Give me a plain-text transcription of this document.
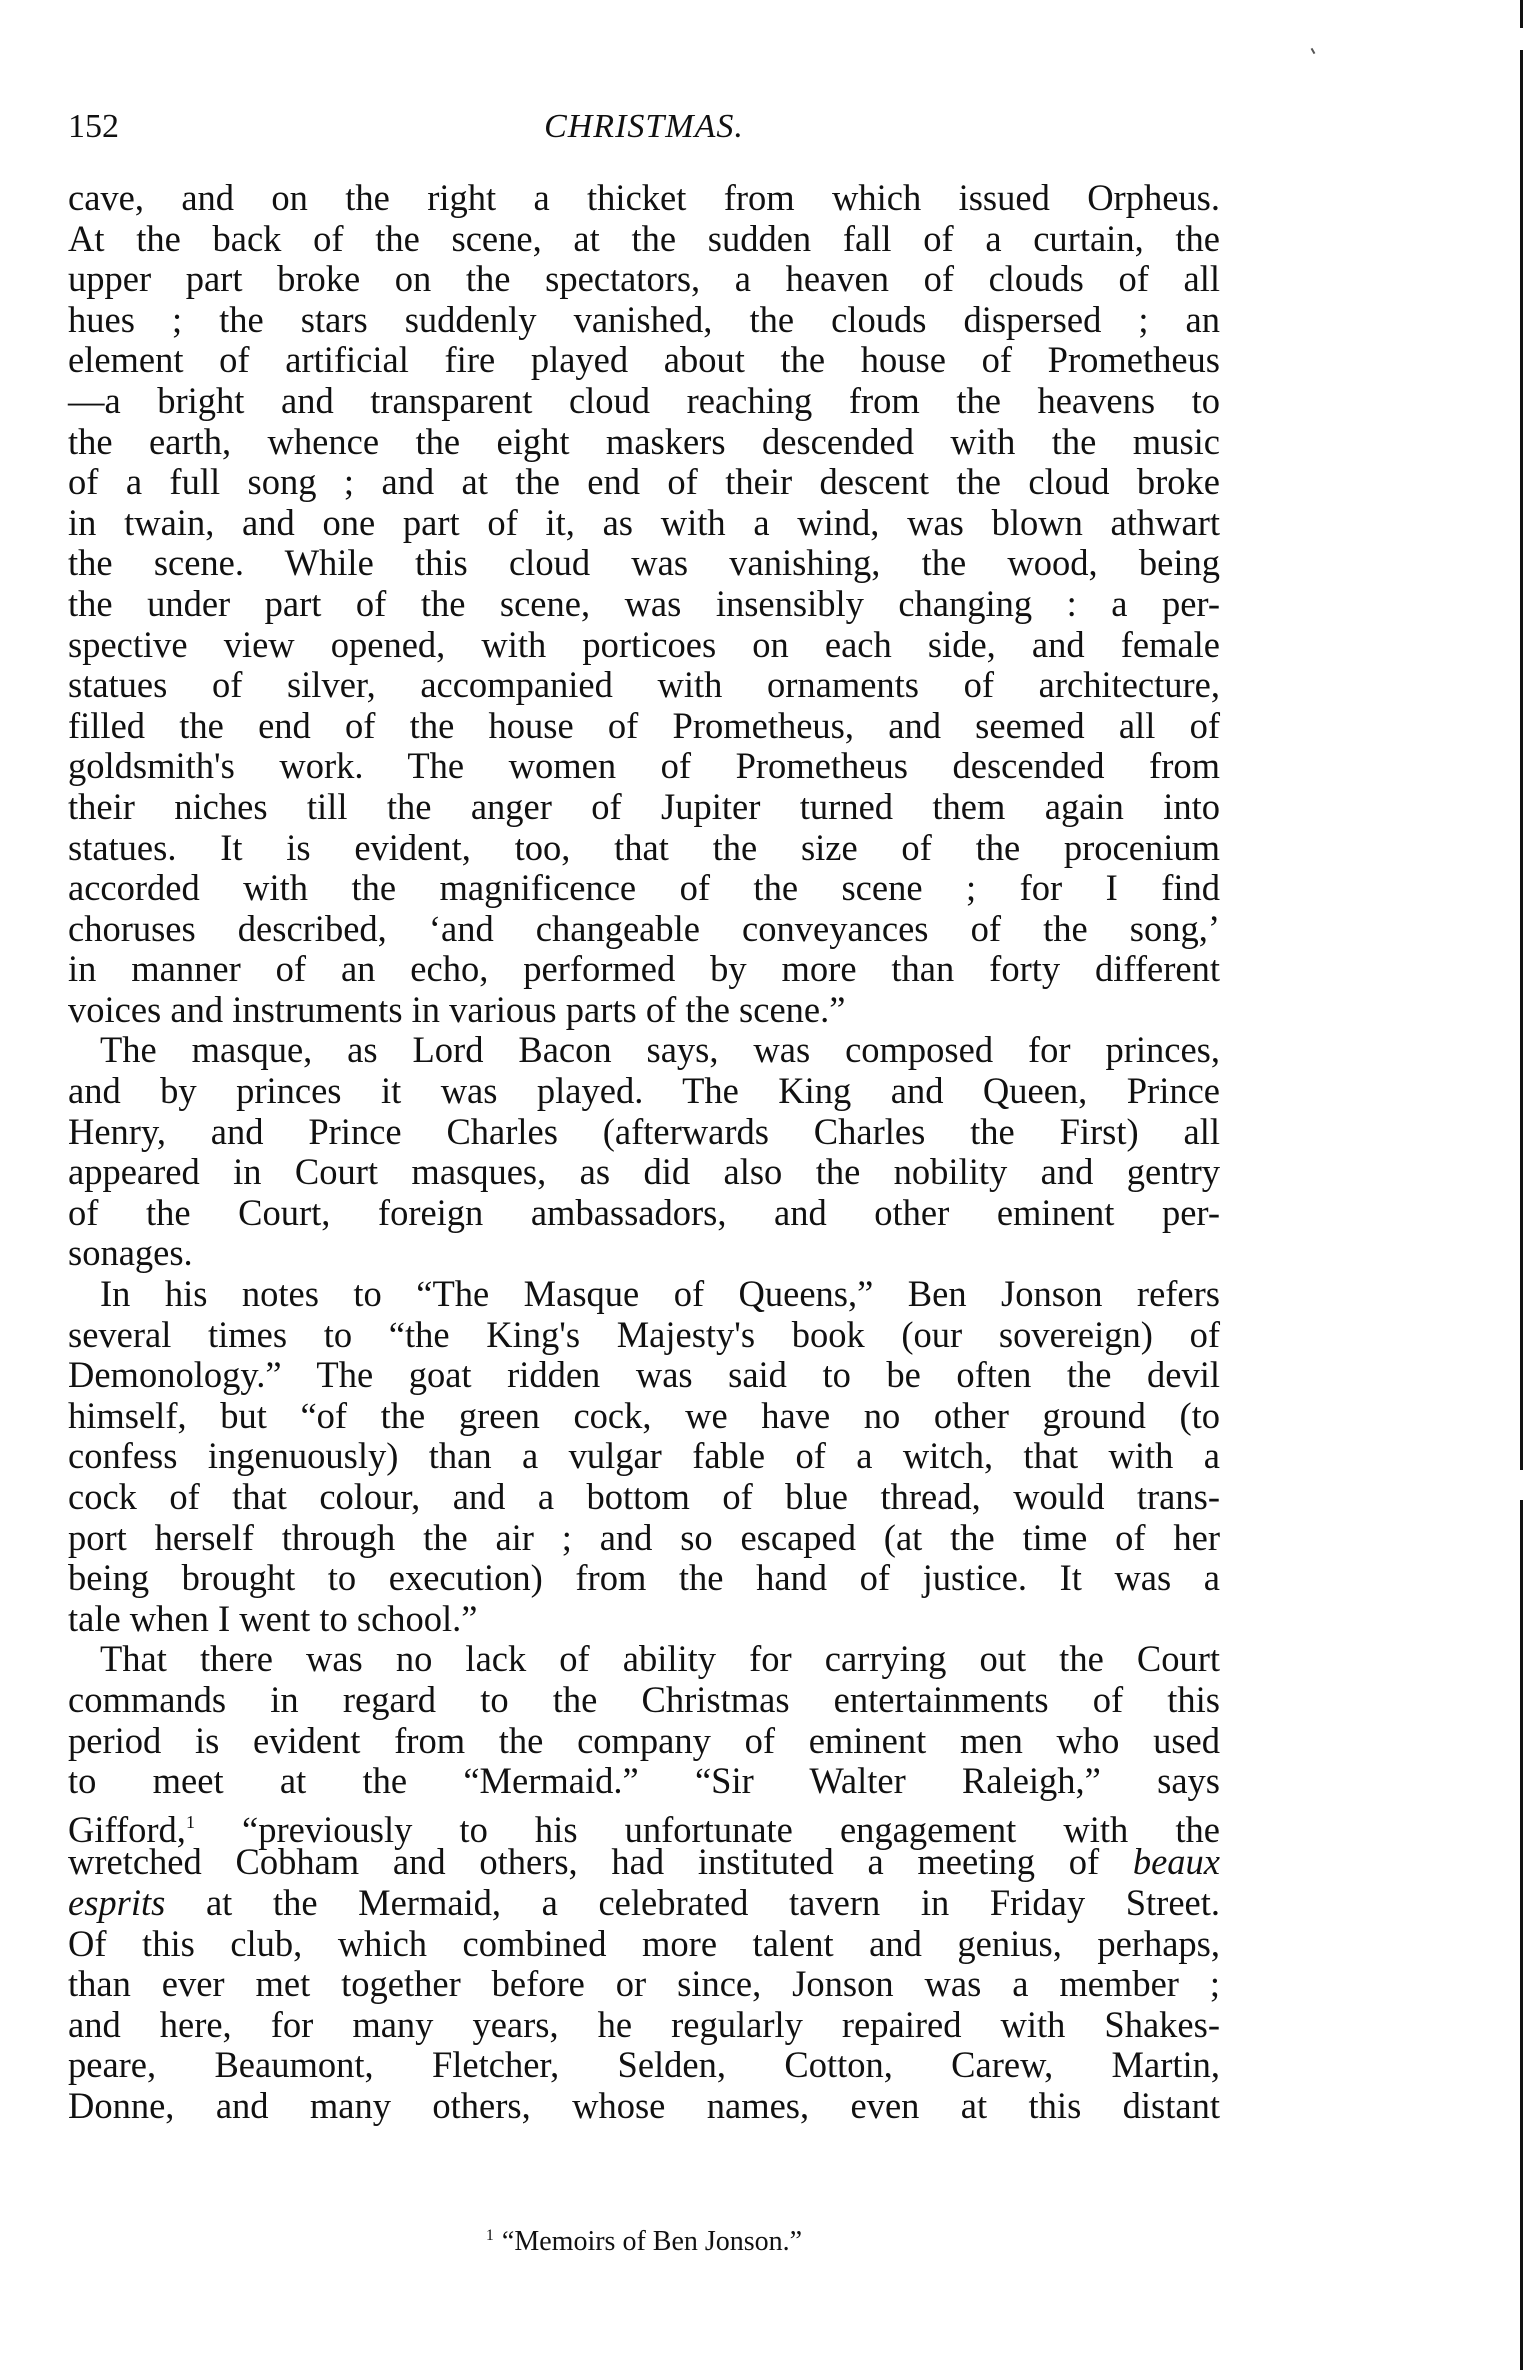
152	CHRISTMAS.
cave, and on the right a thicket from which issued Orpheus.
At the back of the scene, at the sudden fall of a curtain, the
upper part broke on the spectators, a heaven of clouds of all
hues ; the stars suddenly vanished, the clouds dispersed ; an
element of artificial fire played about the house of Prometheus
—a bright and transparent cloud reaching from the heavens to
the earth, whence the eight maskers descended with the music
of a full song ; and at the end of their descent the cloud broke
in twain, and one part of it, as with a wind, was blown athwart
the scene. While this cloud was vanishing, the wood, being
the under part of the scene, was insensibly changing : a per-
spective view opened, with porticoes on each side, and female
statues of silver, accompanied with ornaments of architecture,
filled the end of the house of Prometheus, and seemed all of
goldsmith's work. The women of Prometheus descended from
their niches till the anger of Jupiter turned them again into
statues. It is evident, too, that the size of the procenium
accorded with the magnificence of the scene ; for I find
choruses described, ‘and changeable conveyances of the song,’
in manner of an echo, performed by more than forty different
voices and instruments in various parts of the scene.”
The masque, as Lord Bacon says, was composed for princes,
and by princes it was played. The King and Queen, Prince
Henry, and Prince Charles (afterwards Charles the First) all
appeared in Court masques, as did also the nobility and gentry
of the Court, foreign ambassadors, and other eminent per-
sonages.
In his notes to “The Masque of Queens,” Ben Jonson refers
several times to “the King's Majesty's book (our sovereign) of
Demonology.” The goat ridden was said to be often the devil
himself, but “of the green cock, we have no other ground (to
confess ingenuously) than a vulgar fable of a witch, that with a
cock of that colour, and a bottom of blue thread, would trans-
port herself through the air ; and so escaped (at the time of her
being brought to execution) from the hand of justice. It was a
tale when I went to school.”
That there was no lack of ability for carrying out the Court
commands in regard to the Christmas entertainments of this
period is evident from the company of eminent men who used
to meet at the “Mermaid.” “Sir Walter Raleigh,” says
Gifford,$^1$ “previously to his unfortunate engagement with the
wretched Cobham and others, had instituted a meeting of beaux
esprits at the Mermaid, a celebrated tavern in Friday Street.
Of this club, which combined more talent and genius, perhaps,
than ever met together before or since, Jonson was a member ;
and here, for many years, he regularly repaired with Shakes-
peare, Beaumont, Fletcher, Selden, Cotton, Carew, Martin,
Donne, and many others, whose names, even at this distant
$^1$ “Memoirs of Ben Jonson.”
